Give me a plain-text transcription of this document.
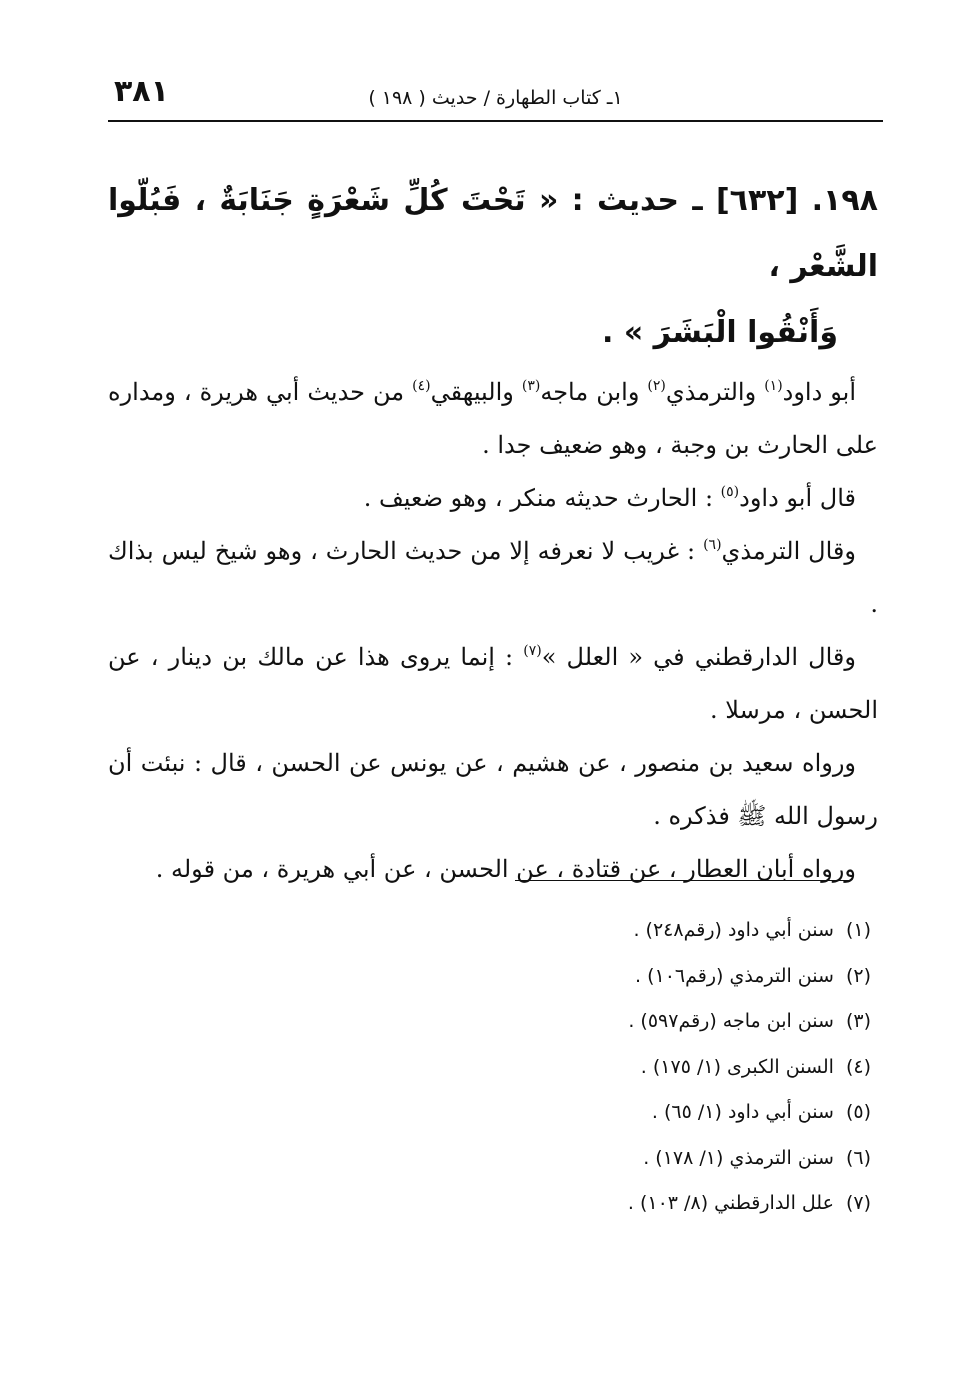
٣٨١	١ـ كتاب الطهارة / حديث ( ١٩٨ )
١٩٨. [٦٣٢] ـ حديث : « تَحْتَ كُلِّ شَعْرَةٍ جَنَابَةٌ ، فَبُلّوا الشَّعْر ،
وَأَنْقُوا الْبَشَرَ » .

أبو داود$^{(١)}$ والترمذي$^{(٢)}$ وابن ماجه$^{(٣)}$ والبيهقي$^{(٤)}$ من حديث أبي هريرة ، ومداره على الحارث بن وجبة ، وهو ضعيف جدا .

قال أبو داود$^{(٥)}$ : الحارث حديثه منكر ، وهو ضعيف .

وقال الترمذي$^{(٦)}$ : غريب لا نعرفه إلا من حديث الحارث ، وهو شيخ ليس بذاك .

وقال الدارقطني في « العلل »$^{(٧)}$ : إنما يروى هذا عن مالك بن دينار ، عن الحسن ، مرسلا .

ورواه سعيد بن منصور ، عن هشيم ، عن يونس عن الحسن ، قال : نبئت أن رسول الله ﷺ فذكره .

ورواه أبان العطار ، عن قتادة ، عن الحسن ، عن أبي هريرة ، من قوله .

(١)سنن أبي داود (رقم٢٤٨) .
(٢)سنن الترمذي (رقم١٠٦) .
(٣)سنن ابن ماجه (رقم٥٩٧) .
(٤)السنن الكبرى (١/ ١٧٥) .
(٥)سنن أبي داود (١/ ٦٥) .
(٦)سنن الترمذي (١/ ١٧٨) .
(٧)علل الدارقطني (٨/ ١٠٣) .
